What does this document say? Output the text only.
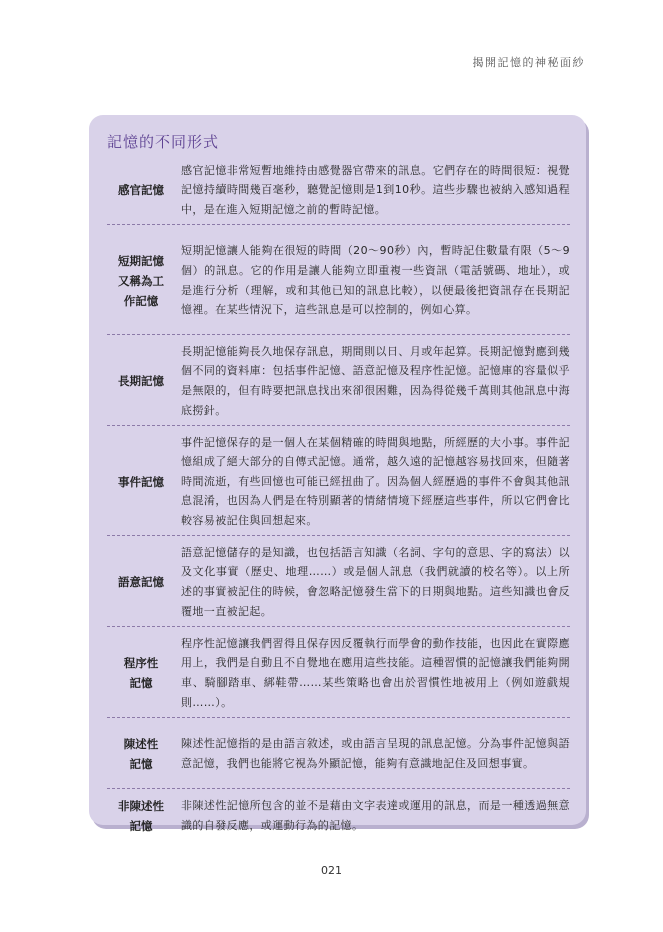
揭開記憶的神秘面紗
記憶的不同形式
感官記憶
感官記憶非常短暫地維持由感覺器官帶來的訊息。它們存在的時間很短：視覺記憶持續時間幾百毫秒，聽覺記憶則是1到10秒。這些步驟也被納入感知過程中，是在進入短期記憶之前的暫時記憶。
短期記憶又稱為工作記憶
短期記憶讓人能夠在很短的時間（20～90秒）內，暫時記住數量有限（5～9個）的訊息。它的作用是讓人能夠立即重複一些資訊（電話號碼、地址），或是進行分析（理解，或和其他已知的訊息比較），以便最後把資訊存在長期記憶裡。在某些情況下，這些訊息是可以控制的，例如心算。
長期記憶
長期記憶能夠長久地保存訊息，期間則以日、月或年起算。長期記憶對應到幾個不同的資料庫：包括事件記憶、語意記憶及程序性記憶。記憶庫的容量似乎是無限的，但有時要把訊息找出來卻很困難，因為得從幾千萬則其他訊息中海底撈針。
事件記憶
事件記憶保存的是一個人在某個精確的時間與地點，所經歷的大小事。事件記憶組成了絕大部分的自傳式記憶。通常，越久遠的記憶越容易找回來，但隨著時間流逝，有些回憶也可能已經扭曲了。因為個人經歷過的事件不會與其他訊息混淆，也因為人們是在特別顯著的情緒情境下經歷這些事件，所以它們會比較容易被記住與回想起來。
語意記憶
語意記憶儲存的是知識，也包括語言知識（名詞、字句的意思、字的寫法）以及文化事實（歷史、地理……）或是個人訊息（我們就讀的校名等）。以上所述的事實被記住的時候，會忽略記憶發生當下的日期與地點。這些知識也會反覆地一直被記起。
程序性記憶
程序性記憶讓我們習得且保存因反覆執行而學會的動作技能，也因此在實際應用上，我們是自動且不自覺地在應用這些技能。這種習慣的記憶讓我們能夠開車、騎腳踏車、綁鞋帶……某些策略也會出於習慣性地被用上（例如遊戲規則……）。
陳述性記憶
陳述性記憶指的是由語言敘述，或由語言呈現的訊息記憶。分為事件記憶與語意記憶，我們也能將它視為外顯記憶，能夠有意識地記住及回想事實。
非陳述性記憶
非陳述性記憶所包含的並不是藉由文字表達或運用的訊息，而是一種透過無意識的自發反應，或運動行為的記憶。
021
